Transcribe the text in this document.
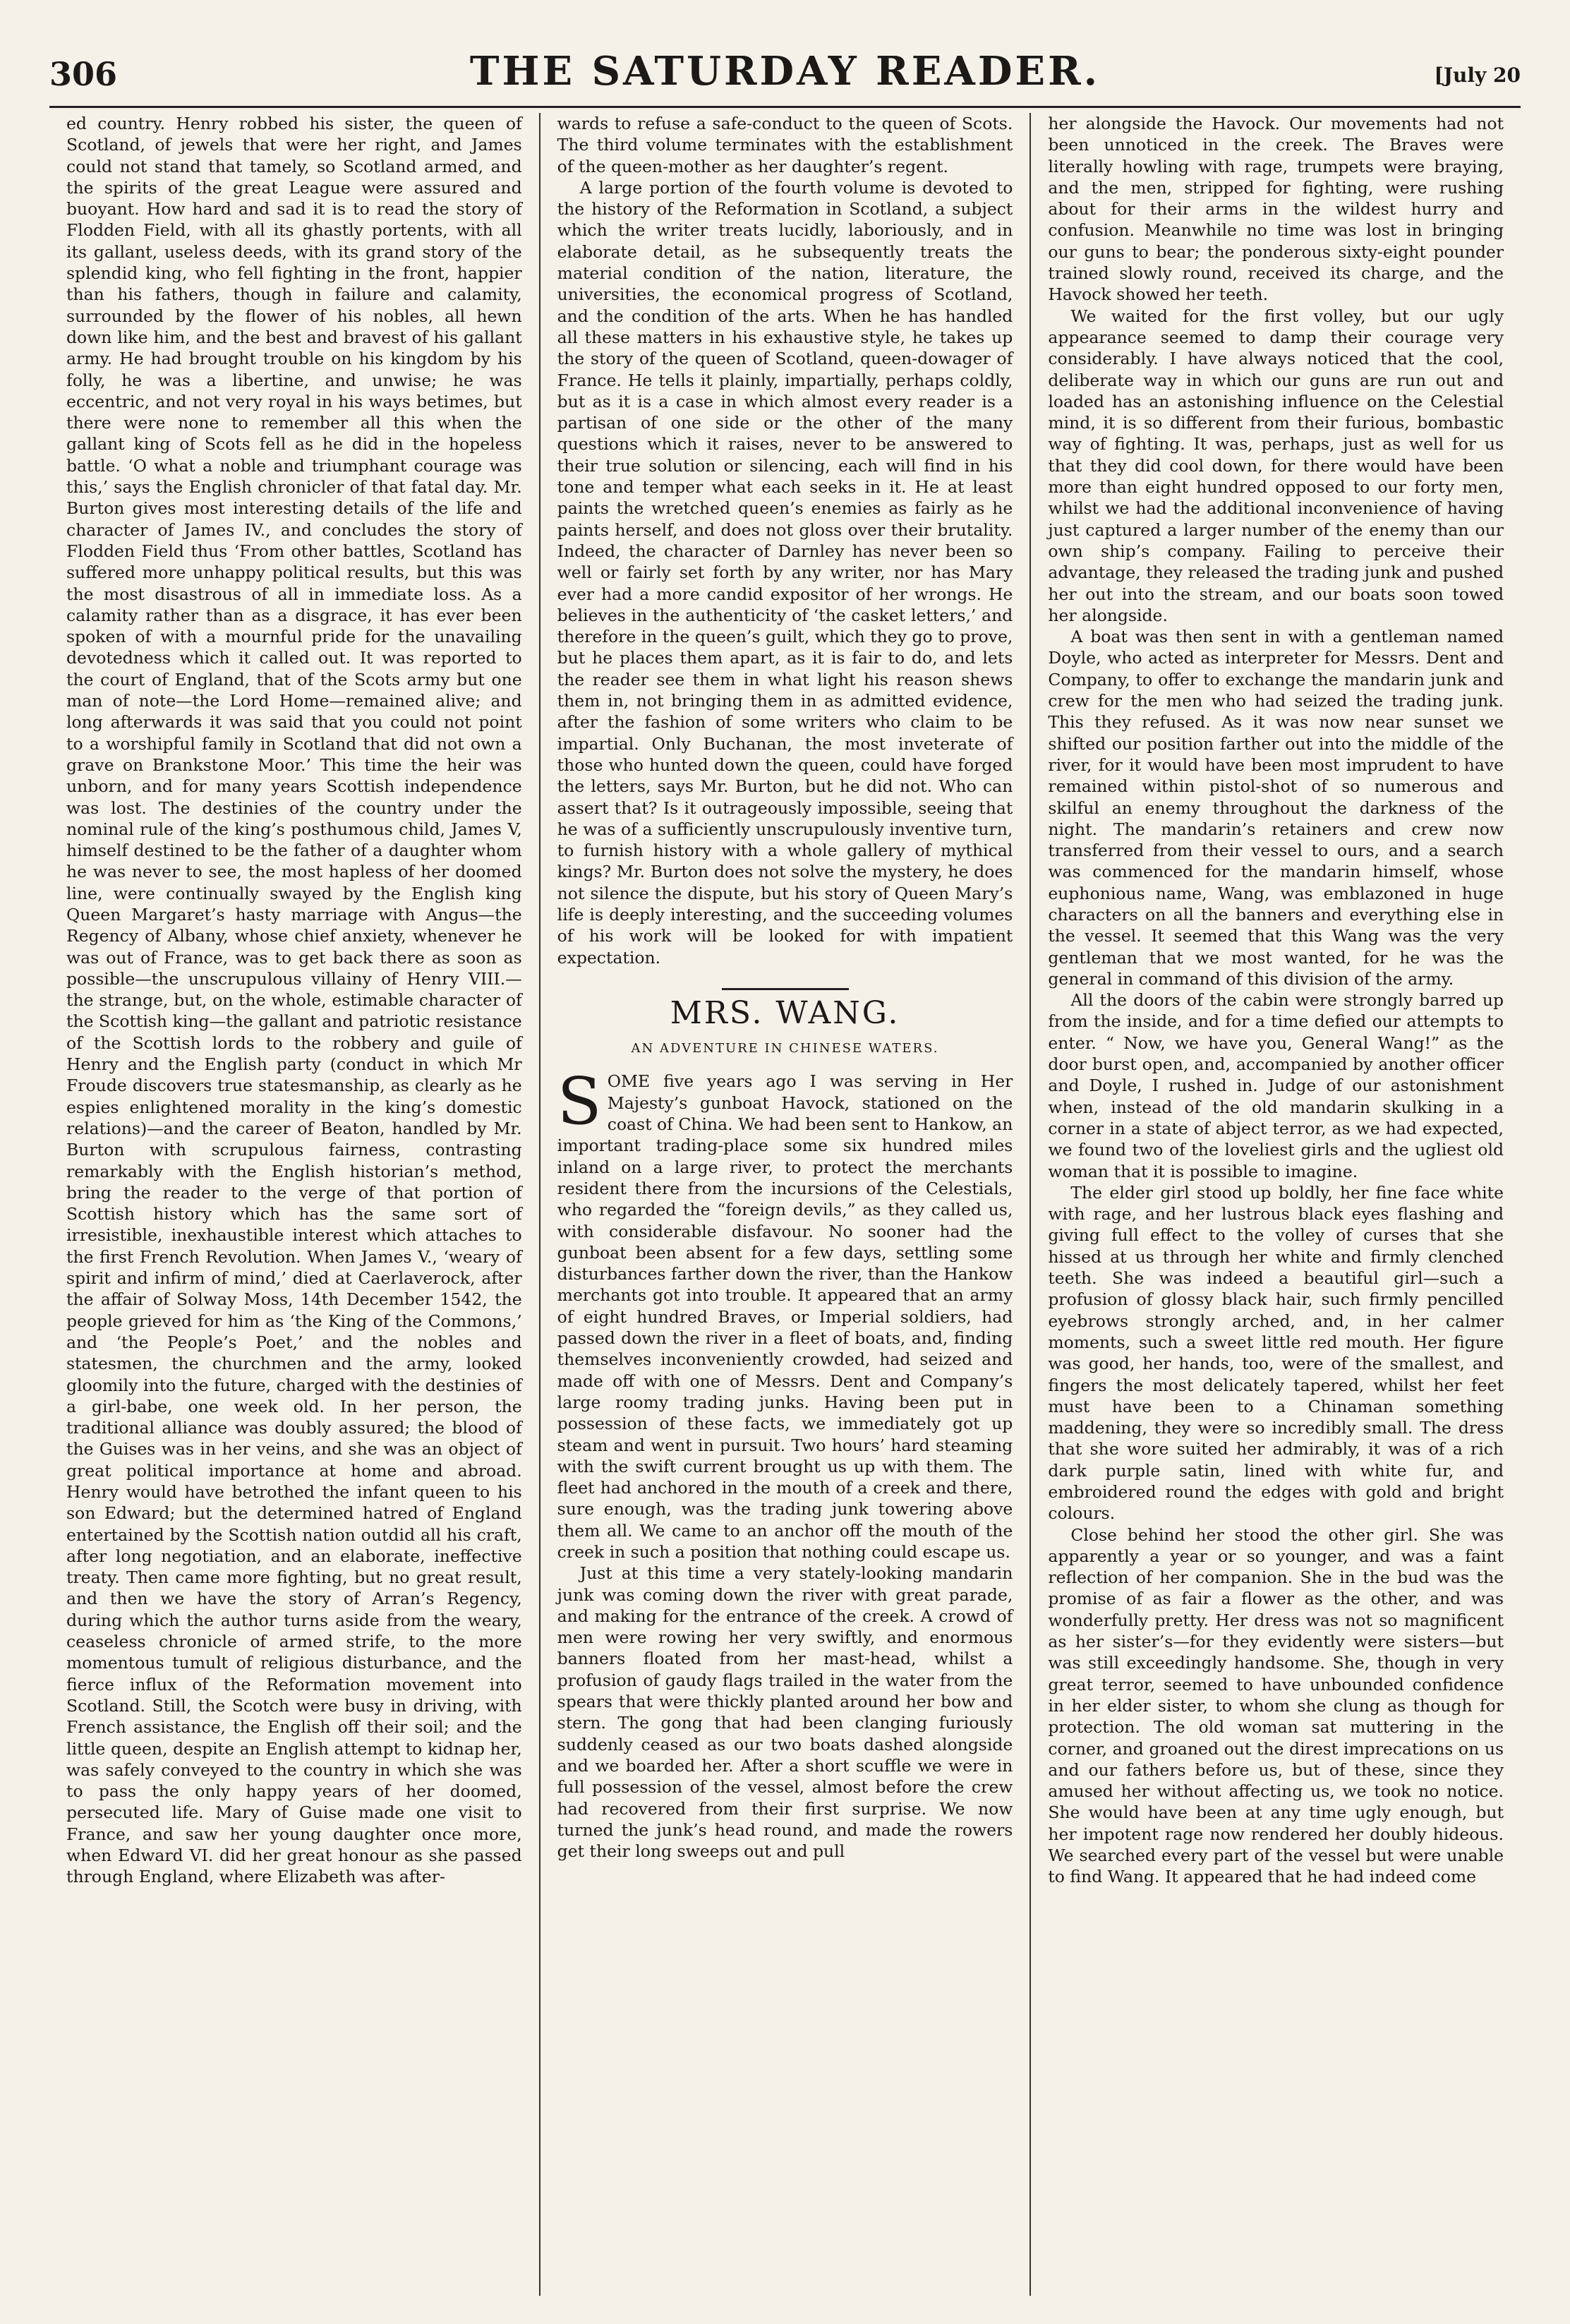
306	THE SATURDAY READER.	[July 20

ed country. Henry robbed his sister, the queen of Scotland, of jewels that were her right, and James could not stand that tamely, so Scotland armed, and the spirits of the great League were assured and buoyant. How hard and sad it is to read the story of Flodden Field, with all its ghastly portents, with all its gallant, useless deeds, with its grand story of the splendid king, who fell fighting in the front, happier than his fathers, though in failure and calamity, surrounded by the flower of his nobles, all hewn down like him, and the best and bravest of his gallant army. He had brought trouble on his kingdom by his folly, he was a libertine, and unwise; he was eccentric, and not very royal in his ways betimes, but there were none to remember all this when the gallant king of Scots fell as he did in the hopeless battle. ‘O what a noble and triumphant courage was this,’ says the English chronicler of that fatal day. Mr. Burton gives most interesting details of the life and character of James IV., and concludes the story of Flodden Field thus ‘From other battles, Scotland has suffered more unhappy political results, but this was the most disastrous of all in immediate loss. As a calamity rather than as a disgrace, it has ever been spoken of with a mournful pride for the unavailing devotedness which it called out. It was reported to the court of England, that of the Scots army but one man of note—the Lord Home—remained alive; and long afterwards it was said that you could not point to a worshipful family in Scotland that did not own a grave on Brankstone Moor.’ This time the heir was unborn, and for many years Scottish independence was lost. The destinies of the country under the nominal rule of the king’s posthumous child, James V, himself destined to be the father of a daughter whom he was never to see, the most hapless of her doomed line, were continually swayed by the English king Queen Margaret’s hasty marriage with Angus—the Regency of Albany, whose chief anxiety, whenever he was out of France, was to get back there as soon as possible—the unscrupulous villainy of Henry VIII.—the strange, but, on the whole, estimable character of the Scottish king—the gallant and patriotic resistance of the Scottish lords to the robbery and guile of Henry and the English party (conduct in which Mr Froude discovers true statesmanship, as clearly as he espies enlightened morality in the king’s domestic relations)—and the career of Beaton, handled by Mr. Burton with scrupulous fairness, contrasting remarkably with the English historian’s method, bring the reader to the verge of that portion of Scottish history which has the same sort of irresistible, inexhaustible interest which attaches to the first French Revolution. When James V., ‘weary of spirit and infirm of mind,’ died at Caerlaverock, after the affair of Solway Moss, 14th December 1542, the people grieved for him as ‘the King of the Commons,’ and ‘the People’s Poet,’ and the nobles and statesmen, the churchmen and the army, looked gloomily into the future, charged with the destinies of a girl-babe, one week old. In her person, the traditional alliance was doubly assured; the blood of the Guises was in her veins, and she was an object of great political importance at home and abroad. Henry would have betrothed the infant queen to his son Edward; but the determined hatred of England entertained by the Scottish nation outdid all his craft, after long negotiation, and an elaborate, ineffective treaty. Then came more fighting, but no great result, and then we have the story of Arran’s Regency, during which the author turns aside from the weary, ceaseless chronicle of armed strife, to the more momentous tumult of religious disturbance, and the fierce influx of the Reformation movement into Scotland. Still, the Scotch were busy in driving, with French assistance, the English off their soil; and the little queen, despite an English attempt to kidnap her, was safely conveyed to the country in which she was to pass the only happy years of her doomed, persecuted life. Mary of Guise made one visit to France, and saw her young daughter once more, when Edward VI. did her great honour as she passed through England, where Elizabeth was after-

wards to refuse a safe-conduct to the queen of Scots. The third volume terminates with the establishment of the queen-mother as her daughter’s regent.

A large portion of the fourth volume is devoted to the history of the Reformation in Scotland, a subject which the writer treats lucidly, laboriously, and in elaborate detail, as he subsequently treats the material condition of the nation, literature, the universities, the economical progress of Scotland, and the condition of the arts. When he has handled all these matters in his exhaustive style, he takes up the story of the queen of Scotland, queen-dowager of France. He tells it plainly, impartially, perhaps coldly, but as it is a case in which almost every reader is a partisan of one side or the other of the many questions which it raises, never to be answered to their true solution or silencing, each will find in his tone and temper what each seeks in it. He at least paints the wretched queen’s enemies as fairly as he paints herself, and does not gloss over their brutality. Indeed, the character of Darnley has never been so well or fairly set forth by any writer, nor has Mary ever had a more candid expositor of her wrongs. He believes in the authenticity of ‘the casket letters,’ and therefore in the queen’s guilt, which they go to prove, but he places them apart, as it is fair to do, and lets the reader see them in what light his reason shews them in, not bringing them in as admitted evidence, after the fashion of some writers who claim to be impartial. Only Buchanan, the most inveterate of those who hunted down the queen, could have forged the letters, says Mr. Burton, but he did not. Who can assert that? Is it outrageously impossible, seeing that he was of a sufficiently unscrupulously inventive turn, to furnish history with a whole gallery of mythical kings? Mr. Burton does not solve the mystery, he does not silence the dispute, but his story of Queen Mary’s life is deeply interesting, and the succeeding volumes of his work will be looked for with impatient expectation.

MRS. WANG.
AN ADVENTURE IN CHINESE WATERS.

SOME five years ago I was serving in Her Majesty’s gunboat Havock, stationed on the coast of China. We had been sent to Hankow, an important trading-place some six hundred miles inland on a large river, to protect the merchants resident there from the incursions of the Celestials, who regarded the “foreign devils,” as they called us, with considerable disfavour. No sooner had the gunboat been absent for a few days, settling some disturbances farther down the river, than the Hankow merchants got into trouble. It appeared that an army of eight hundred Braves, or Imperial soldiers, had passed down the river in a fleet of boats, and, finding themselves inconveniently crowded, had seized and made off with one of Messrs. Dent and Company’s large roomy trading junks. Having been put in possession of these facts, we immediately got up steam and went in pursuit. Two hours’ hard steaming with the swift current brought us up with them. The fleet had anchored in the mouth of a creek and there, sure enough, was the trading junk towering above them all. We came to an anchor off the mouth of the creek in such a position that nothing could escape us.

Just at this time a very stately-looking mandarin junk was coming down the river with great parade, and making for the entrance of the creek. A crowd of men were rowing her very swiftly, and enormous banners floated from her mast-head, whilst a profusion of gaudy flags trailed in the water from the spears that were thickly planted around her bow and stern. The gong that had been clanging furiously suddenly ceased as our two boats dashed alongside and we boarded her. After a short scuffle we were in full possession of the vessel, almost before the crew had recovered from their first surprise. We now turned the junk’s head round, and made the rowers get their long sweeps out and pull

her alongside the Havock. Our movements had not been unnoticed in the creek. The Braves were literally howling with rage, trumpets were braying, and the men, stripped for fighting, were rushing about for their arms in the wildest hurry and confusion. Meanwhile no time was lost in bringing our guns to bear; the ponderous sixty-eight pounder trained slowly round, received its charge, and the Havock showed her teeth.

We waited for the first volley, but our ugly appearance seemed to damp their courage very considerably. I have always noticed that the cool, deliberate way in which our guns are run out and loaded has an astonishing influence on the Celestial mind, it is so different from their furious, bombastic way of fighting. It was, perhaps, just as well for us that they did cool down, for there would have been more than eight hundred opposed to our forty men, whilst we had the additional inconvenience of having just captured a larger number of the enemy than our own ship’s company. Failing to perceive their advantage, they released the trading junk and pushed her out into the stream, and our boats soon towed her alongside.

A boat was then sent in with a gentleman named Doyle, who acted as interpreter for Messrs. Dent and Company, to offer to exchange the mandarin junk and crew for the men who had seized the trading junk. This they refused. As it was now near sunset we shifted our position farther out into the middle of the river, for it would have been most imprudent to have remained within pistol-shot of so numerous and skilful an enemy throughout the darkness of the night. The mandarin’s retainers and crew now transferred from their vessel to ours, and a search was commenced for the mandarin himself, whose euphonious name, Wang, was emblazoned in huge characters on all the banners and everything else in the vessel. It seemed that this Wang was the very gentleman that we most wanted, for he was the general in command of this division of the army.

All the doors of the cabin were strongly barred up from the inside, and for a time defied our attempts to enter. “ Now, we have you, General Wang!” as the door burst open, and, accompanied by another officer and Doyle, I rushed in. Judge of our astonishment when, instead of the old mandarin skulking in a corner in a state of abject terror, as we had expected, we found two of the loveliest girls and the ugliest old woman that it is possible to imagine.

The elder girl stood up boldly, her fine face white with rage, and her lustrous black eyes flashing and giving full effect to the volley of curses that she hissed at us through her white and firmly clenched teeth. She was indeed a beautiful girl—such a profusion of glossy black hair, such firmly pencilled eyebrows strongly arched, and, in her calmer moments, such a sweet little red mouth. Her figure was good, her hands, too, were of the smallest, and fingers the most delicately tapered, whilst her feet must have been to a Chinaman something maddening, they were so incredibly small. The dress that she wore suited her admirably, it was of a rich dark purple satin, lined with white fur, and embroidered round the edges with gold and bright colours.

Close behind her stood the other girl. She was apparently a year or so younger, and was a faint reflection of her companion. She in the bud was the promise of as fair a flower as the other, and was wonderfully pretty. Her dress was not so magnificent as her sister’s—for they evidently were sisters—but was still exceedingly handsome. She, though in very great terror, seemed to have unbounded confidence in her elder sister, to whom she clung as though for protection. The old woman sat muttering in the corner, and groaned out the direst imprecations on us and our fathers before us, but of these, since they amused her without affecting us, we took no notice. She would have been at any time ugly enough, but her impotent rage now rendered her doubly hideous. We searched every part of the vessel but were unable to find Wang. It appeared that he had indeed come
